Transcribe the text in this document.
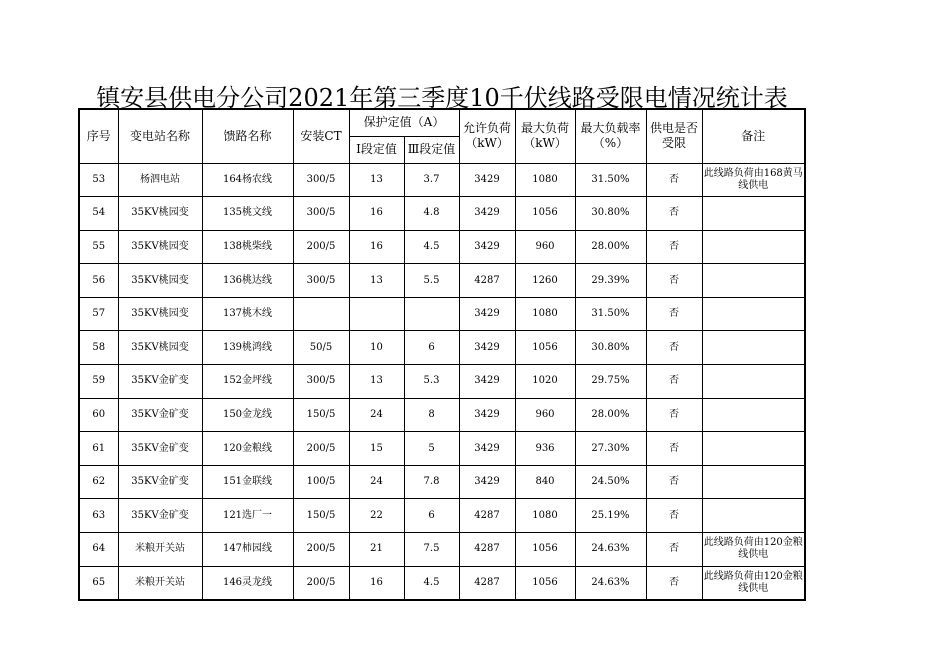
镇安县供电分公司2021年第三季度10千伏线路受限电情况统计表
序号	变电站名称	馈路名称	安装CT	保护定值（A）		允许负荷（kW）	最大负荷（kW）	最大负载率（%）	供电是否受限	备注
				Ⅰ段定值	Ⅲ段定值					
53	杨泗电站	164杨农线	300/5	13	3.7	3429	1080	31.50%	否	此线路负荷由168黄马线供电
54	35KV桃园变	135桃文线	300/5	16	4.8	3429	1056	30.80%	否	
55	35KV桃园变	138桃柴线	200/5	16	4.5	3429	960	28.00%	否	
56	35KV桃园变	136桃达线	300/5	13	5.5	4287	1260	29.39%	否	
57	35KV桃园变	137桃木线				3429	1080	31.50%	否	
58	35KV桃园变	139桃鸿线	50/5	10	6	3429	1056	30.80%	否	
59	35KV金矿变	152金坪线	300/5	13	5.3	3429	1020	29.75%	否	
60	35KV金矿变	150金龙线	150/5	24	8	3429	960	28.00%	否	
61	35KV金矿变	120金粮线	200/5	15	5	3429	936	27.30%	否	
62	35KV金矿变	151金联线	100/5	24	7.8	3429	840	24.50%	否	
63	35KV金矿变	121选厂一	150/5	22	6	4287	1080	25.19%	否	
64	米粮开关站	147柿园线	200/5	21	7.5	4287	1056	24.63%	否	此线路负荷由120金粮线供电
65	米粮开关站	146灵龙线	200/5	16	4.5	4287	1056	24.63%	否	此线路负荷由120金粮线供电
